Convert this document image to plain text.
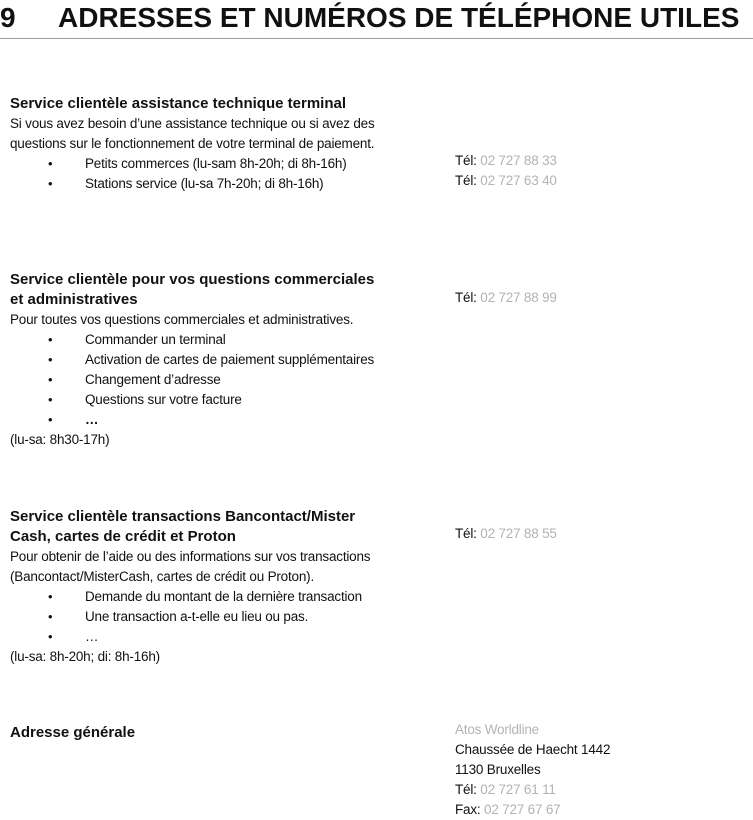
9 ADRESSES ET NUMÉROS DE TÉLÉPHONE UTILES
Service clientèle assistance technique terminal
Si vous avez besoin d’une assistance technique ou si avez des
questions sur le fonctionnement de votre terminal de paiement.
• Petits commerces (lu-sam 8h-20h; di 8h-16h)
• Stations service (lu-sa 7h-20h; di 8h-16h)
Tél: 02 727 88 33
Tél: 02 727 63 40
Service clientèle pour vos questions commerciales
et administratives
Pour toutes vos questions commerciales et administratives.
• Commander un terminal
• Activation de cartes de paiement supplémentaires
• Changement d’adresse
• Questions sur votre facture
• …
(lu-sa: 8h30-17h)
Tél: 02 727 88 99
Service clientèle transactions Bancontact/Mister
Cash, cartes de crédit et Proton
Pour obtenir de l’aide ou des informations sur vos transactions
(Bancontact/MisterCash, cartes de crédit ou Proton).
• Demande du montant de la dernière transaction
• Une transaction a-t-elle eu lieu ou pas.
• …
(lu-sa: 8h-20h; di: 8h-16h)
Tél: 02 727 88 55
Adresse générale	Atos Worldline
Chaussée de Haecht 1442
1130 Bruxelles
Tél: 02 727 61 11
Fax: 02 727 67 67
